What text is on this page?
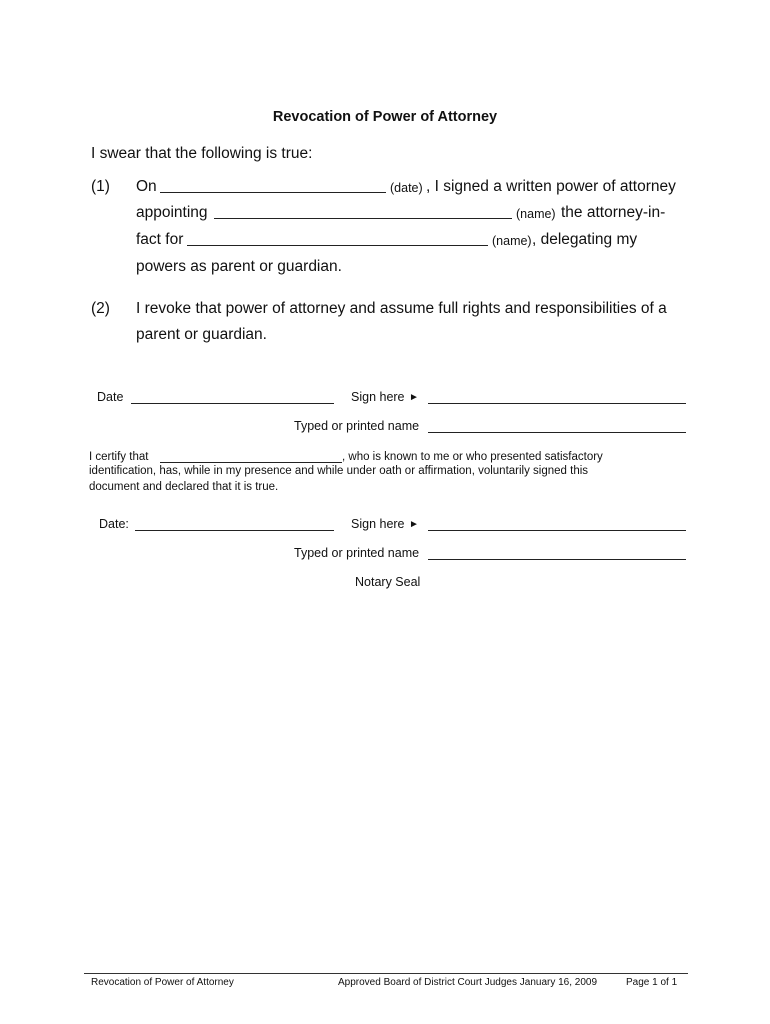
Revocation of Power of Attorney
I swear that the following is true:
(1) On	(date) , I signed a written power of attorney
appointing	(name) the attorney-in-
fact for	(name) , delegating my
powers as parent or guardian.
(2) I revoke that power of attorney and assume full rights and responsibilities of a
parent or guardian.
Date	Sign here ►
Typed or printed name
I certify that	, who is known to me or who presented satisfactory
identification, has, while in my presence and while under oath or affirmation, voluntarily signed this
document and declared that it is true.
Date:	Sign here ►
Typed or printed name
Notary Seal
Revocation of Power of Attorney	Approved Board of District Court Judges January 16, 2009	Page 1 of 1
